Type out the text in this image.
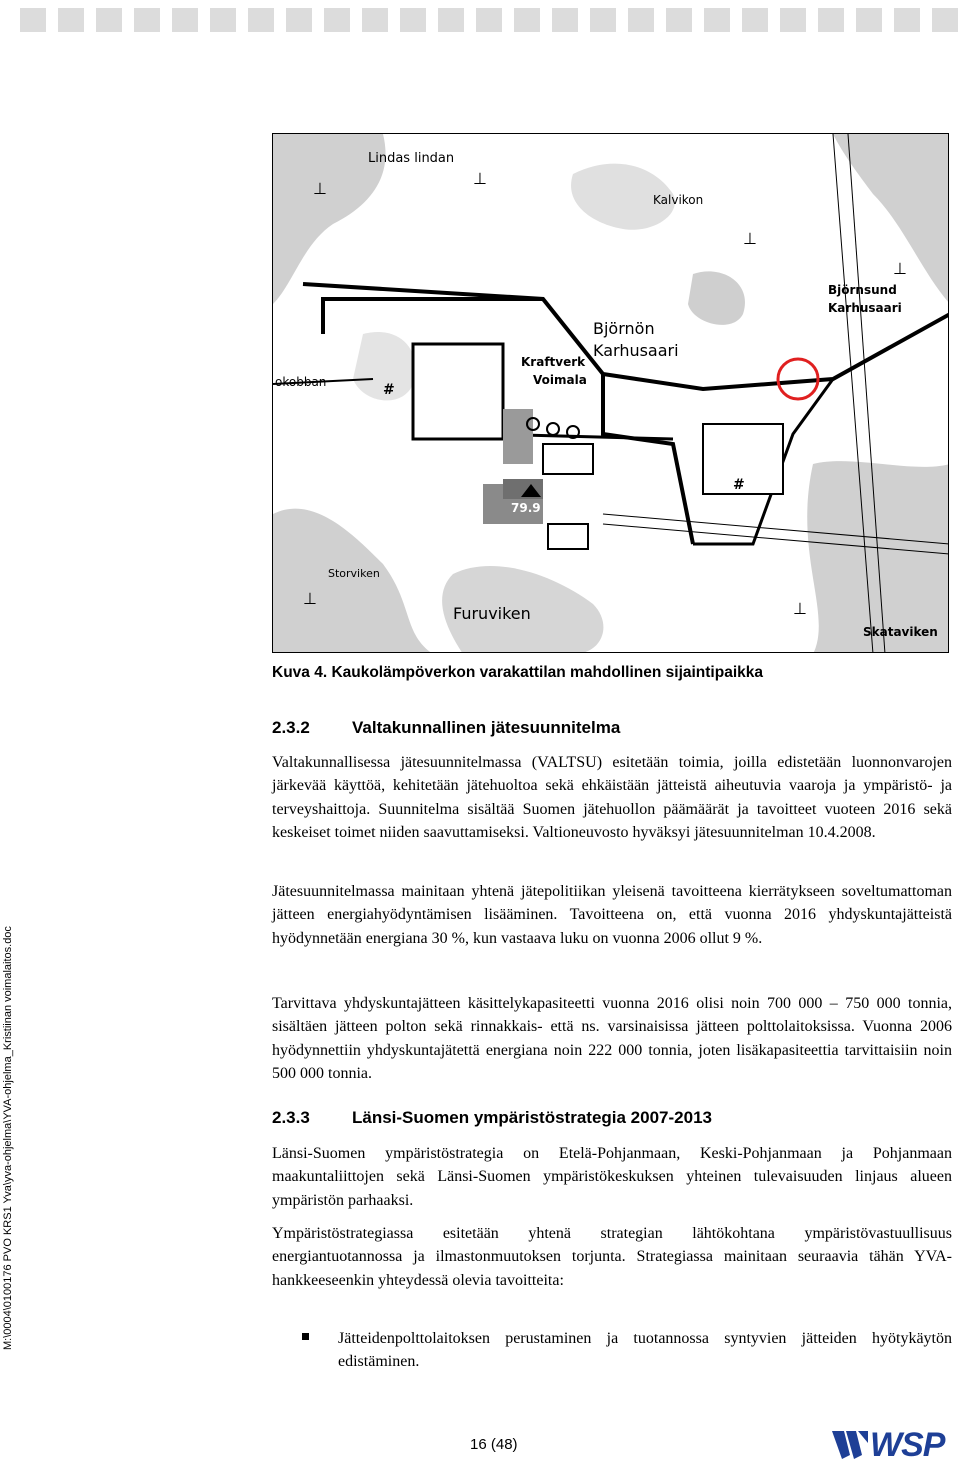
M:\0004\0100176 PVO KRS1 Yva\yva-ohjelma\YVA-ohjelma_Kristiinan voimalaitos.doc
⊥
⊥
⊥
⊥
⊥
⊥
#
#
Lindas lindan
Kalvikon
Björnsund
Karhusaari
Björnön
Karhusaari
Kraftverk
Voimala
okobban
Storviken
Furuviken
Skataviken
79.9
Kuva 4. Kaukolämpöverkon varakattilan mahdollinen sijaintipaikka
2.3.2 Valtakunnallinen jätesuunnitelma

Valtakunnallisessa jätesuunnitelmassa (VALTSU) esitetään toimia, joilla edistetään luonnonvarojen järkevää käyttöä, kehitetään jätehuoltoa sekä ehkäistään jätteistä aiheutuvia vaaroja ja ympäristö- ja terveyshaittoja. Suunnitelma sisältää Suomen jätehuollon päämäärät ja tavoitteet vuoteen 2016 sekä keskeiset toimet niiden saavuttamiseksi. Valtioneuvosto hyväksyi jätesuunnitelman 10.4.2008.

Jätesuunnitelmassa mainitaan yhtenä jätepolitiikan yleisenä tavoitteena kierrätykseen soveltumattoman jätteen energiahyödyntämisen lisääminen. Tavoitteena on, että vuonna 2016 yhdyskuntajätteistä hyödynnetään energiana 30 %, kun vastaava luku on vuonna 2006 ollut 9 %.

Tarvittava yhdyskuntajätteen käsittelykapasiteetti vuonna 2016 olisi noin 700 000 – 750 000 tonnia, sisältäen jätteen polton sekä rinnakkais- että ns. varsinaisissa jätteen polttolaitoksissa. Vuonna 2006 hyödynnettiin yhdyskuntajätettä energiana noin 222 000 tonnia, joten lisäkapasiteettia tarvittaisiin noin 500 000 tonnia.

2.3.3 Länsi-Suomen ympäristöstrategia 2007-2013

Länsi-Suomen ympäristöstrategia on Etelä-Pohjanmaan, Keski-Pohjanmaan ja Pohjanmaan maakuntaliittojen sekä Länsi-Suomen ympäristökeskuksen yhteinen tulevaisuuden linjaus alueen ympäristön parhaaksi.

Ympäristöstrategiassa esitetään yhtenä strategian lähtökohtana ympäristövastuullisuus energiantuotannossa ja ilmastonmuutoksen torjunta. Strategiassa mainitaan seuraavia tähän YVA-hankkeeseenkin yhteydessä olevia tavoitteita:

Jätteidenpolttolaitoksen perustaminen ja tuotannossa syntyvien jätteiden hyötykäytön edistäminen.

16 (48)	WSP
